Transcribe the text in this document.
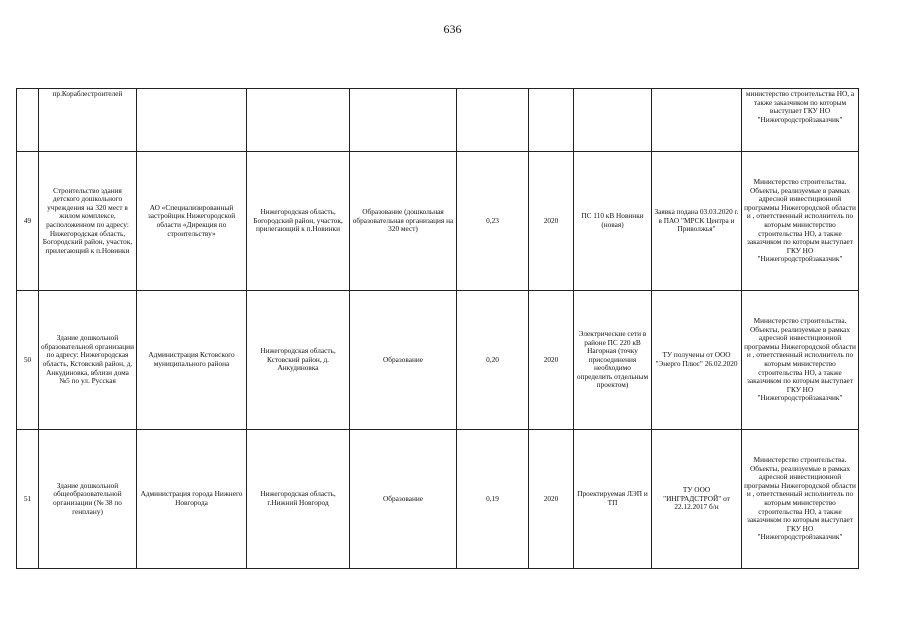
636
	пр.Кораблестроителей								министерство строительства НО, а также заказчиком по которым выступает ГКУ НО "Нижегородстройзаказчик"
49	Строительство здания детского дошкольного учреждения на 320 мест в жилом комплексе, расположенном по адресу: Нижегородская область, Богородский район, участок, прилегающий к п.Новинки	АО «Специализированный застройщик Нижегородской области «Дирекция по строительству»	Нижегородская область, Богородский район, участок, прилегающий к п.Новинки	Образование (дошкольная образовательная организация на 320 мест)	0,23	2020	ПС 110 кВ Новинки (новая)	Заявка подана 03.03.2020 г. в ПАО "МРСК Центра и Приволжья"	Министерство строительства. Объекты, реализуемые в рамках адресной инвестиционной программы Нижегородской области и , ответственный исполнитель по которым министерство строительства НО, а также заказчиком по которым выступает ГКУ НО "Нижегородстройзаказчик"
50	Здание дошкольной образовательной организации по адресу: Нижегородская область, Кстовский район, д. Анкудиновка, вблизи дома №5 по ул. Русская	Администрация Кстовского муниципального района	Нижегородская область, Кстовский район, д. Анкудиновка	Образование	0,20	2020	Электрические сети в районе ПС 220 кВ Нагорная (точку присоединения необходимо определить отдельным проектом)	ТУ получены от ООО "Энерго Плюс" 26.02.2020	Министерство строительства. Объекты, реализуемые в рамках адресной инвестиционной программы Нижегородской области и , ответственный исполнитель по которым министерство строительства НО, а также заказчиком по которым выступает ГКУ НО "Нижегородстройзаказчик"
51	Здание дошкольной общеобразовательной организации (№ 38 по генплану)	Администрация города Нижнего Новгорода	Нижегородская область, г.Нижний Новгород	Образование	0,19	2020	Проектируемая ЛЭП и ТП	ТУ ООО "ИНГРАДСТРОЙ" от 22.12.2017 б/н	Министерство строительства. Объекты, реализуемые в рамках адресной инвестиционной программы Нижегородской области и , ответственный исполнитель по которым министерство строительства НО, а также заказчиком по которым выступает ГКУ НО "Нижегородстройзаказчик"
